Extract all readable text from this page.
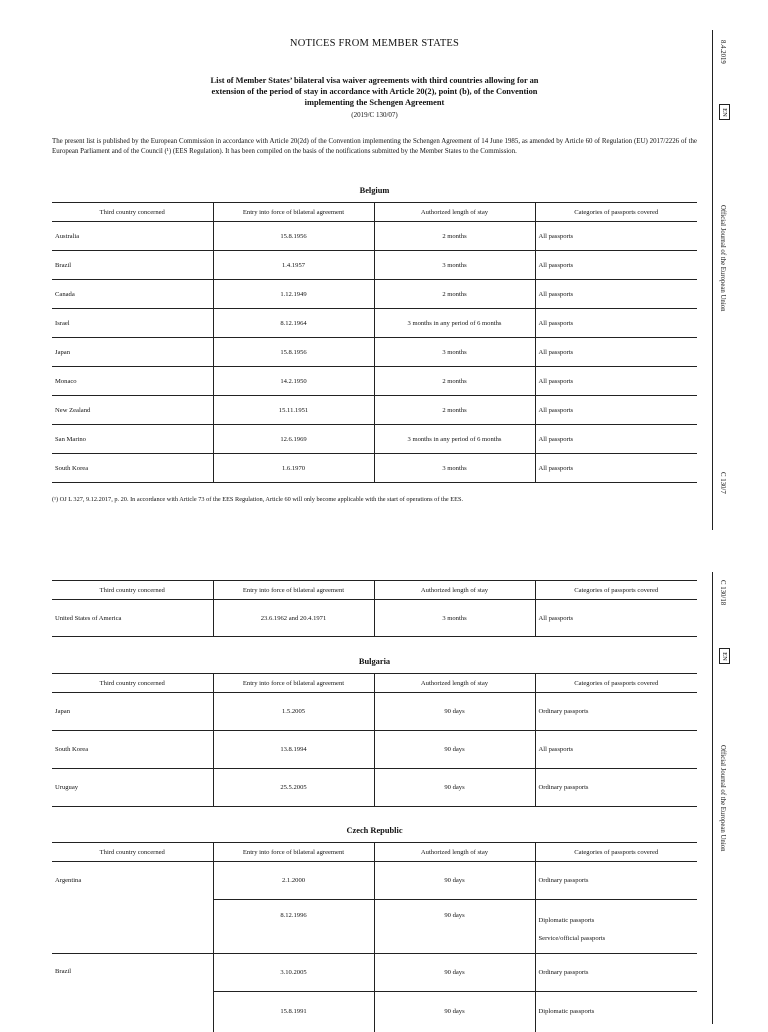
NOTICES FROM MEMBER STATES
List of Member States’ bilateral visa waiver agreements with third countries allowing for an
extension of the period of stay in accordance with Article 20(2), point (b), of the Convention
implementing the Schengen Agreement
(2019/C 130/07)
The present list is published by the European Commission in accordance with Article 20(2d) of the Convention implementing the Schengen Agreement of 14 June 1985, as amended by Article 60 of Regulation (EU) 2017/2226 of the European Parliament and of the Council (¹) (EES Regulation). It has been compiled on the basis of the notifications submitted by the Member States to the Commission.
Belgium
Third country concerned	Entry into force of bilateral agreement	Authorized length of stay	Categories of passports covered
Australia	15.8.1956	2 months	All passports
Brazil	1.4.1957	3 months	All passports
Canada	1.12.1949	2 months	All passports
Israel	8.12.1964	3 months in any period of 6 months	All passports
Japan	15.8.1956	3 months	All passports
Monaco	14.2.1950	2 months	All passports
New Zealand	15.11.1951	2 months	All passports
San Marino	12.6.1969	3 months in any period of 6 months	All passports
South Korea	1.6.1970	3 months	All passports
(¹) OJ L 327, 9.12.2017, p. 20. In accordance with Article 73 of the EES Regulation, Article 60 will only become applicable with the start of operations of the EES.
8.4.2019
EN
Official Journal of the European Union
C 130/7
Third country concerned	Entry into force of bilateral agreement	Authorized length of stay	Categories of passports covered
United States of America	23.6.1962 and 20.4.1971	3 months	All passports
Bulgaria
Third country concerned	Entry into force of bilateral agreement	Authorized length of stay	Categories of passports covered
Japan	1.5.2005	90 days	Ordinary passports
South Korea	13.8.1994	90 days	All passports
Uruguay	25.5.2005	90 days	Ordinary passports
Czech Republic
Third country concerned	Entry into force of bilateral agreement	Authorized length of stay	Categories of passports covered
Argentina	2.1.2000	90 days	Ordinary passports
	8.12.1996	90 days	Diplomatic passports
Service/official passports

Brazil	3.10.2005	90 days	Ordinary passports
	15.8.1991	90 days	Diplomatic passports
C 130/18
EN
Official Journal of the European Union
